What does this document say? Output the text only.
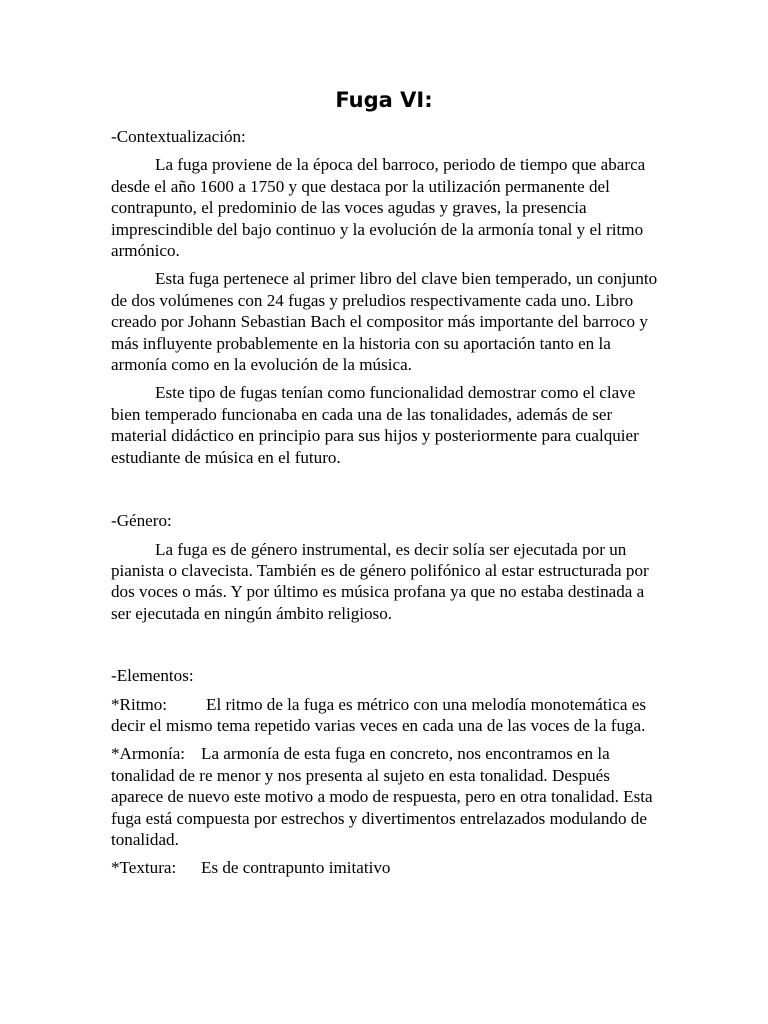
Fuga VI:

-Contextualización:

La fuga proviene de la época del barroco, periodo de tiempo que abarca desde el año 1600 a 1750 y que destaca por la utilización permanente del contrapunto, el predominio de las voces agudas y graves, la presencia imprescindible del bajo continuo y la evolución de la armonía tonal y el ritmo armónico.

Esta fuga pertenece al primer libro del clave bien temperado, un conjunto de dos volúmenes con 24 fugas y preludios respectivamente cada uno. Libro creado por Johann Sebastian Bach el compositor más importante del barroco y más influyente probablemente en la historia con su aportación tanto en la armonía como en la evolución de la música.

Este tipo de fugas tenían como funcionalidad demostrar como el clave bien temperado funcionaba en cada una de las tonalidades, además de ser material didáctico en principio para sus hijos y posteriormente para cualquier estudiante de música en el futuro.

-Género:

La fuga es de género instrumental, es decir solía ser ejecutada por un pianista o clavecista. También es de género polifónico al estar estructurada por dos voces o más. Y por último es música profana ya que no estaba destinada a ser ejecutada en ningún ámbito religioso.

-Elementos:

*Ritmo: El ritmo de la fuga es métrico con una melodía monotemática es decir el mismo tema repetido varias veces en cada una de las voces de la fuga.

*Armonía: La armonía de esta fuga en concreto, nos encontramos en la tonalidad de re menor y nos presenta al sujeto en esta tonalidad. Después aparece de nuevo este motivo a modo de respuesta, pero en otra tonalidad. Esta fuga está compuesta por estrechos y divertimentos entrelazados modulando de tonalidad.

*Textura: Es de contrapunto imitativo
